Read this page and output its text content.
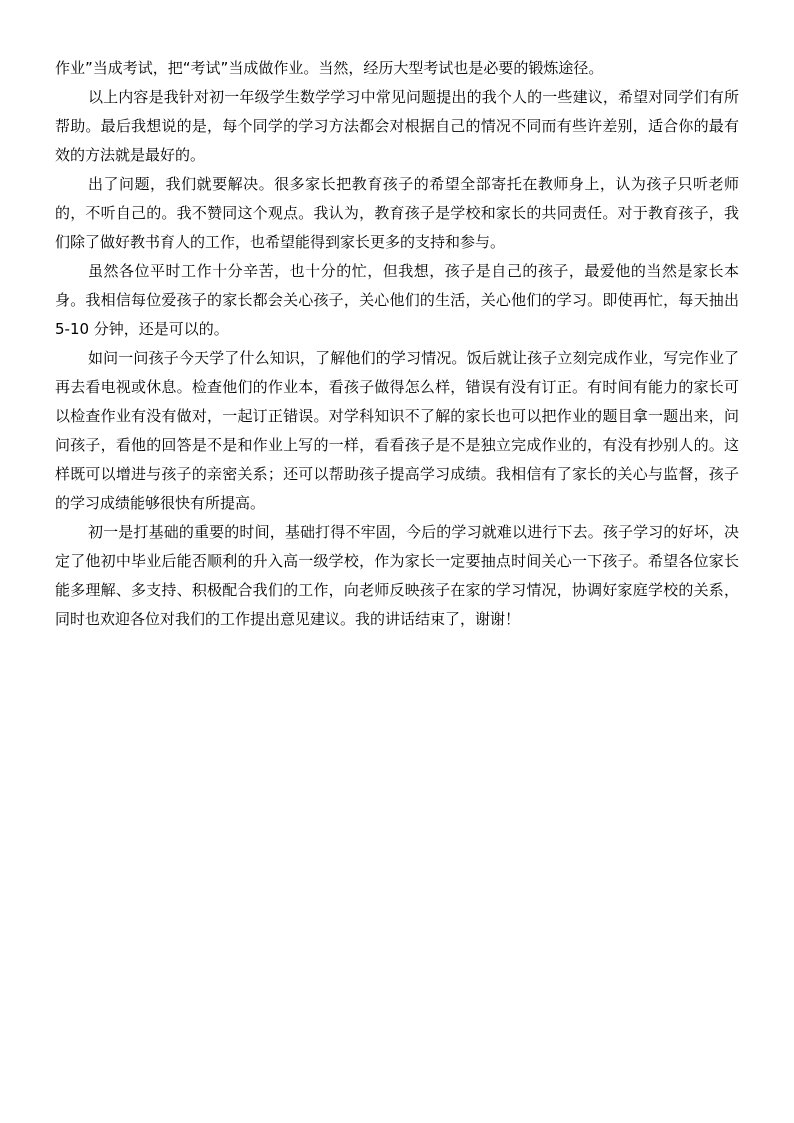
作业”当成考试，把“考试”当成做作业。当然，经历大型考试也是必要的锻炼途径。

以上内容是我针对初一年级学生数学学习中常见问题提出的我个人的一些建议，希望对同学们有所帮助。最后我想说的是，每个同学的学习方法都会对根据自己的情况不同而有些许差别，适合你的最有效的方法就是最好的。

出了问题，我们就要解决。很多家长把教育孩子的希望全部寄托在教师身上，认为孩子只听老师的，不听自己的。我不赞同这个观点。我认为，教育孩子是学校和家长的共同责任。对于教育孩子，我们除了做好教书育人的工作，也希望能得到家长更多的支持和参与。

虽然各位平时工作十分辛苦，也十分的忙，但我想，孩子是自己的孩子，最爱他的当然是家长本身。我相信每位爱孩子的家长都会关心孩子，关心他们的生活，关心他们的学习。即使再忙，每天抽出 5-10 分钟，还是可以的。

如问一问孩子今天学了什么知识，了解他们的学习情况。饭后就让孩子立刻完成作业，写完作业了再去看电视或休息。检查他们的作业本，看孩子做得怎么样，错误有没有订正。有时间有能力的家长可以检查作业有没有做对，一起订正错误。对学科知识不了解的家长也可以把作业的题目拿一题出来，问问孩子，看他的回答是不是和作业上写的一样，看看孩子是不是独立完成作业的，有没有抄别人的。这样既可以增进与孩子的亲密关系；还可以帮助孩子提高学习成绩。我相信有了家长的关心与监督，孩子的学习成绩能够很快有所提高。

初一是打基础的重要的时间，基础打得不牢固，今后的学习就难以进行下去。孩子学习的好坏，决定了他初中毕业后能否顺利的升入高一级学校，作为家长一定要抽点时间关心一下孩子。希望各位家长能多理解、多支持、积极配合我们的工作，向老师反映孩子在家的学习情况，协调好家庭学校的关系，同时也欢迎各位对我们的工作提出意见建议。我的讲话结束了，谢谢！
